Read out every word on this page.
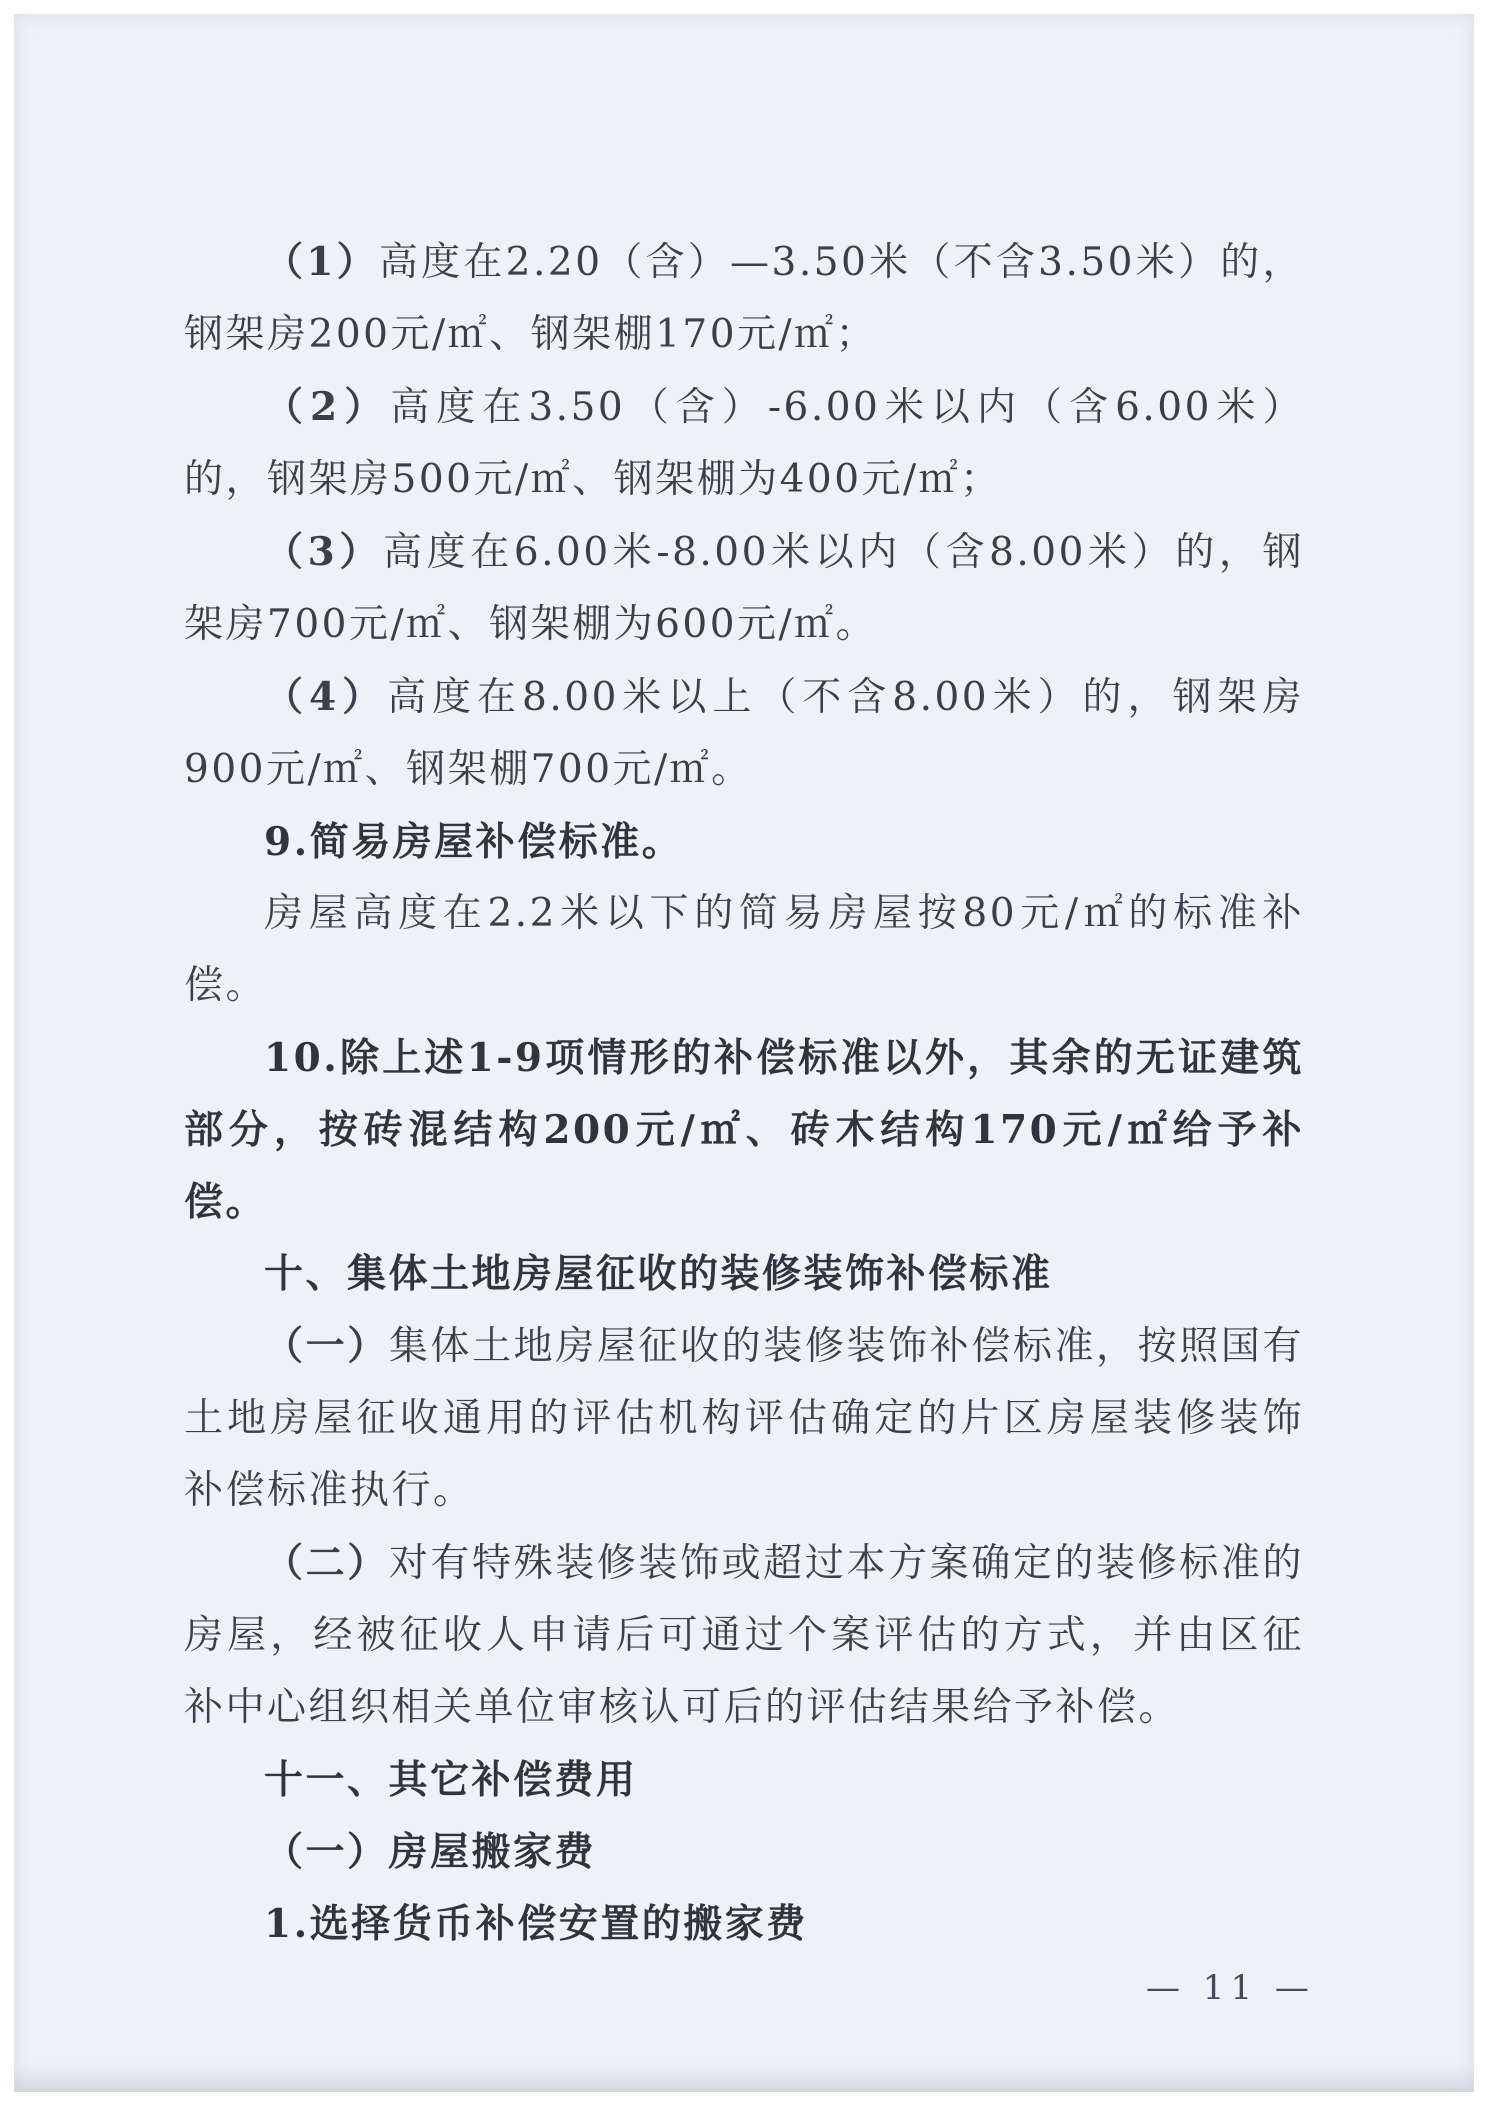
（1）高度在2.20（含）—3.50米（不含3.50米）的，钢架房200元/㎡、钢架棚170元/㎡；

（2）高度在3.50（含）-6.00米以内（含6.00米）的，钢架房500元/㎡、钢架棚为400元/㎡；

（3）高度在6.00米-8.00米以内（含8.00米）的，钢架房700元/㎡、钢架棚为600元/㎡。

（4）高度在8.00米以上（不含8.00米）的，钢架房900元/㎡、钢架棚700元/㎡。

9.简易房屋补偿标准。

房屋高度在2.2米以下的简易房屋按80元/㎡的标准补偿。

10.除上述1-9项情形的补偿标准以外，其余的无证建筑部分，按砖混结构200元/㎡、砖木结构170元/㎡给予补偿。

十、集体土地房屋征收的装修装饰补偿标准

（一）集体土地房屋征收的装修装饰补偿标准，按照国有土地房屋征收通用的评估机构评估确定的片区房屋装修装饰补偿标准执行。

（二）对有特殊装修装饰或超过本方案确定的装修标准的房屋，经被征收人申请后可通过个案评估的方式，并由区征补中心组织相关单位审核认可后的评估结果给予补偿。

十一、其它补偿费用

（一）房屋搬家费

1.选择货币补偿安置的搬家费

— 11 —
